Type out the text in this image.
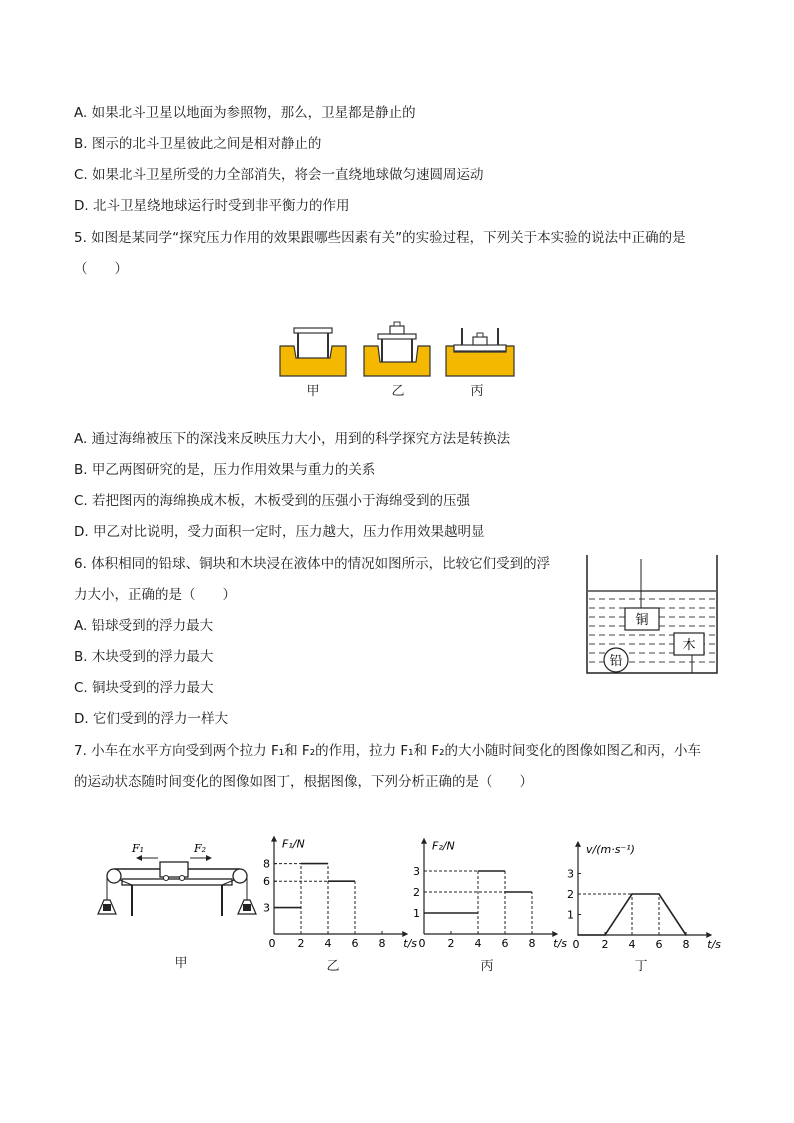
A. 如果北斗卫星以地面为参照物，那么，卫星都是静止的
B. 图示的北斗卫星彼此之间是相对静止的
C. 如果北斗卫星所受的力全部消失，将会一直绕地球做匀速圆周运动
D. 北斗卫星绕地球运行时受到非平衡力的作用
5. 如图是某同学“探究压力作用的效果跟哪些因素有关”的实验过程，下列关于本实验的说法中正确的是
（　　）
甲	乙	丙
A. 通过海绵被压下的深浅来反映压力大小，用到的科学探究方法是转换法
B. 甲乙两图研究的是，压力作用效果与重力的关系
C. 若把图丙的海绵换成木板，木板受到的压强小于海绵受到的压强
D. 甲乙对比说明，受力面积一定时，压力越大，压力作用效果越明显
6. 体积相同的铅球、铜块和木块浸在液体中的情况如图所示，比较它们受到的浮
力大小，正确的是（　　）
A. 铅球受到的浮力最大
B. 木块受到的浮力最大
C. 铜块受到的浮力最大
D. 它们受到的浮力一样大
铜
木
铅
7. 小车在水平方向受到两个拉力 F₁和 F₂的作用，拉力 F₁和 F₂的大小随时间变化的图像如图乙和丙，小车
的运动状态随时间变化的图像如图丁，根据图像，下列分析正确的是（　　）
F₁	F₂
甲
0 2 4 6 8
3
6
8
t/s
F₁/N
0 2 4 6 8
1
2
3
t/s
F₂/N
0 2 4 6 8
1
2
3
t/s
v/(m·s⁻¹)
乙	丙	丁
